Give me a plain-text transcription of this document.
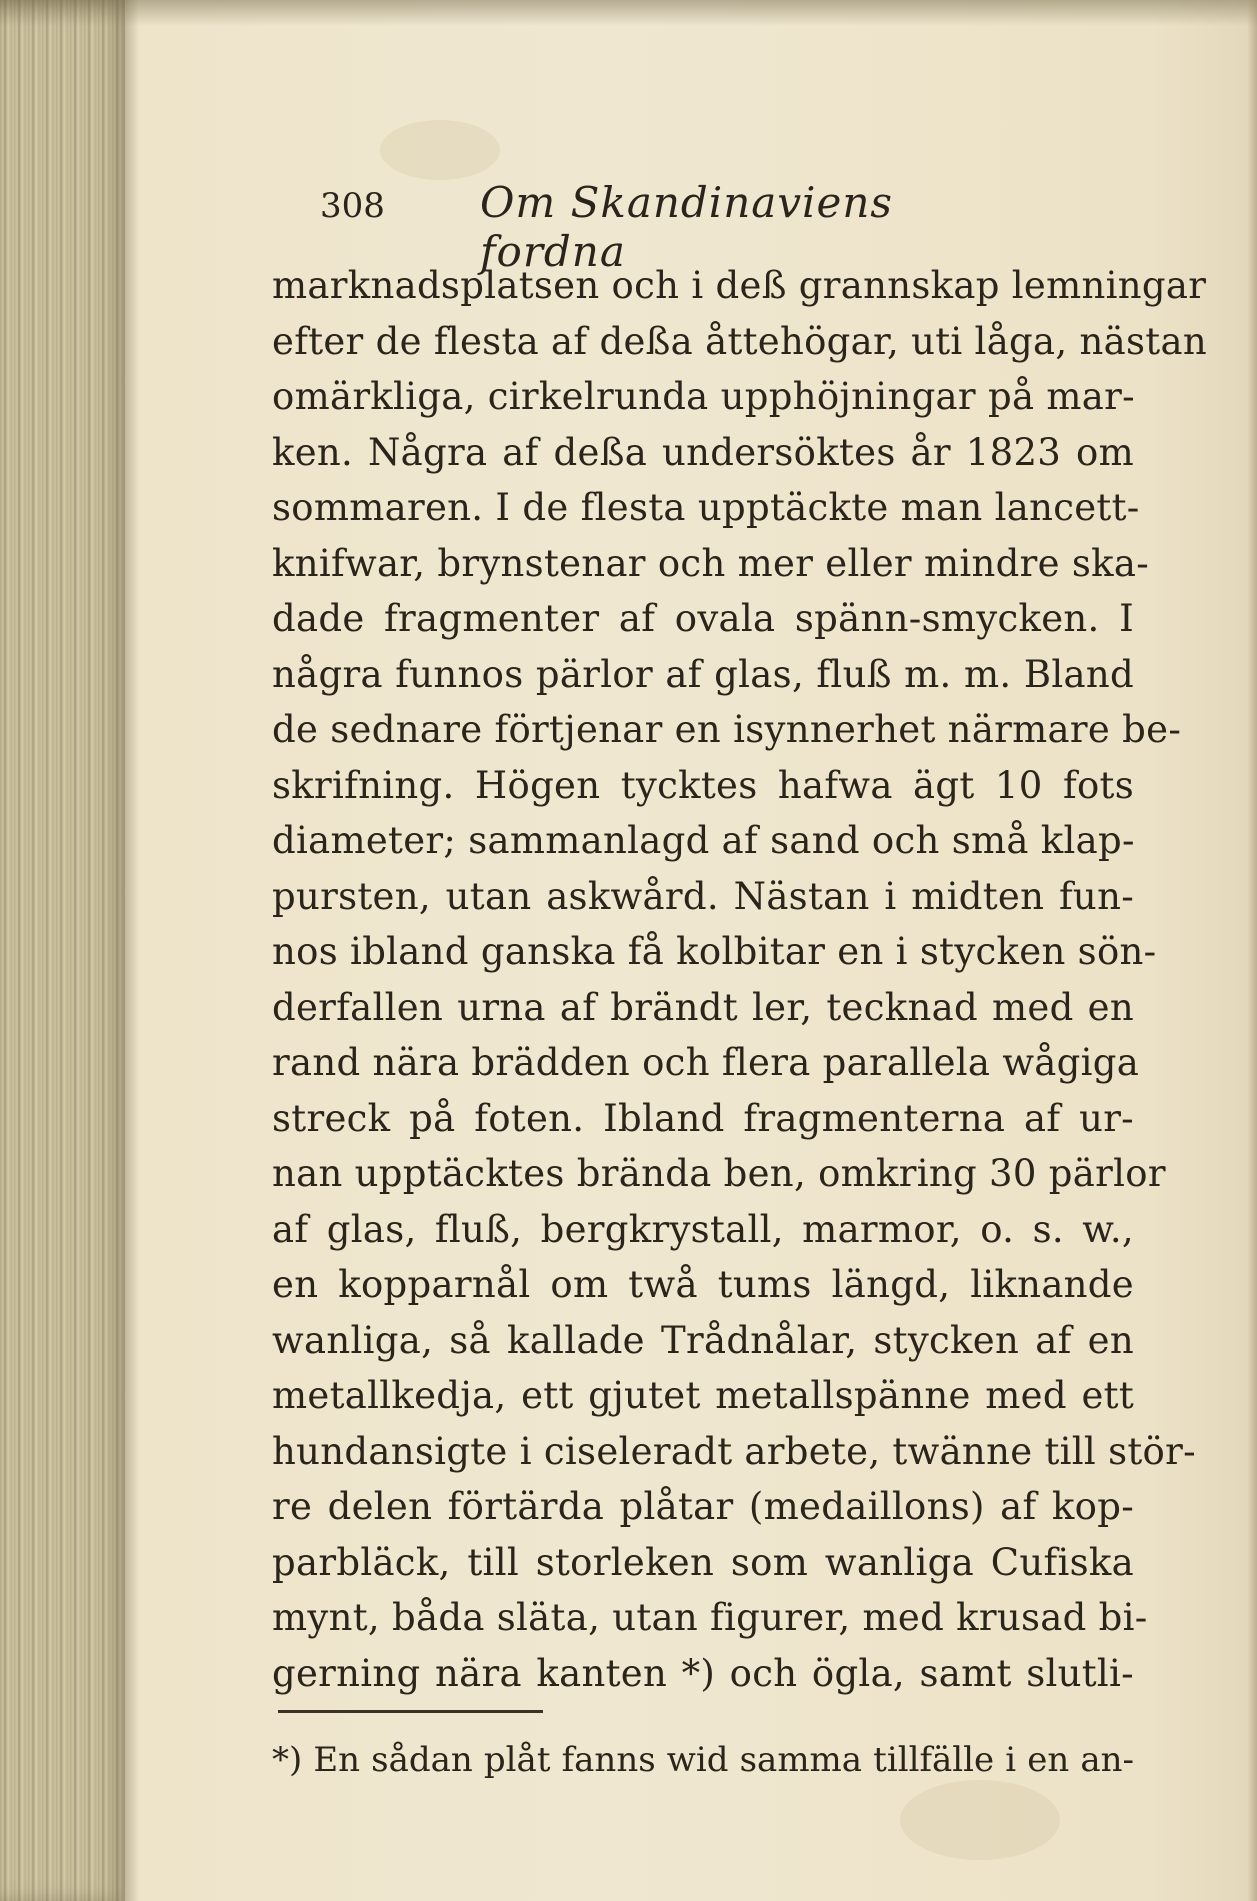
308 Om Skandinaviens fordna
marknadsplatsen och i deß grannskap lemningar
efter de flesta af deßa åttehögar, uti låga, nästan
omärkliga, cirkelrunda upphöjningar på mar-
ken. Några af deßa undersöktes år 1823 om
sommaren. I de flesta upptäckte man lancett-
knifwar, brynstenar och mer eller mindre ska-
dade fragmenter af ovala spänn-smycken. I
några funnos pärlor af glas, fluß m. m. Bland
de sednare förtjenar en isynnerhet närmare be-
skrifning. Högen tycktes hafwa ägt 10 fots
diameter; sammanlagd af sand och små klap-
pursten, utan askwård. Nästan i midten fun-
nos ibland ganska få kolbitar en i stycken sön-
derfallen urna af brändt ler, tecknad med en
rand nära brädden och flera parallela wågiga
streck på foten. Ibland fragmenterna af ur-
nan upptäcktes brända ben, omkring 30 pärlor
af glas, fluß, bergkrystall, marmor, o. s. w.,
en kopparnål om twå tums längd, liknande
wanliga, så kallade Trådnålar, stycken af en
metallkedja, ett gjutet metallspänne med ett
hundansigte i ciseleradt arbete, twänne till stör-
re delen förtärda plåtar (medaillons) af kop-
parbläck, till storleken som wanliga Cufiska
mynt, båda släta, utan figurer, med krusad bi-
gerning nära kanten *) och ögla, samt slutli-
*) En sådan plåt fanns wid samma tillfälle i en an-
